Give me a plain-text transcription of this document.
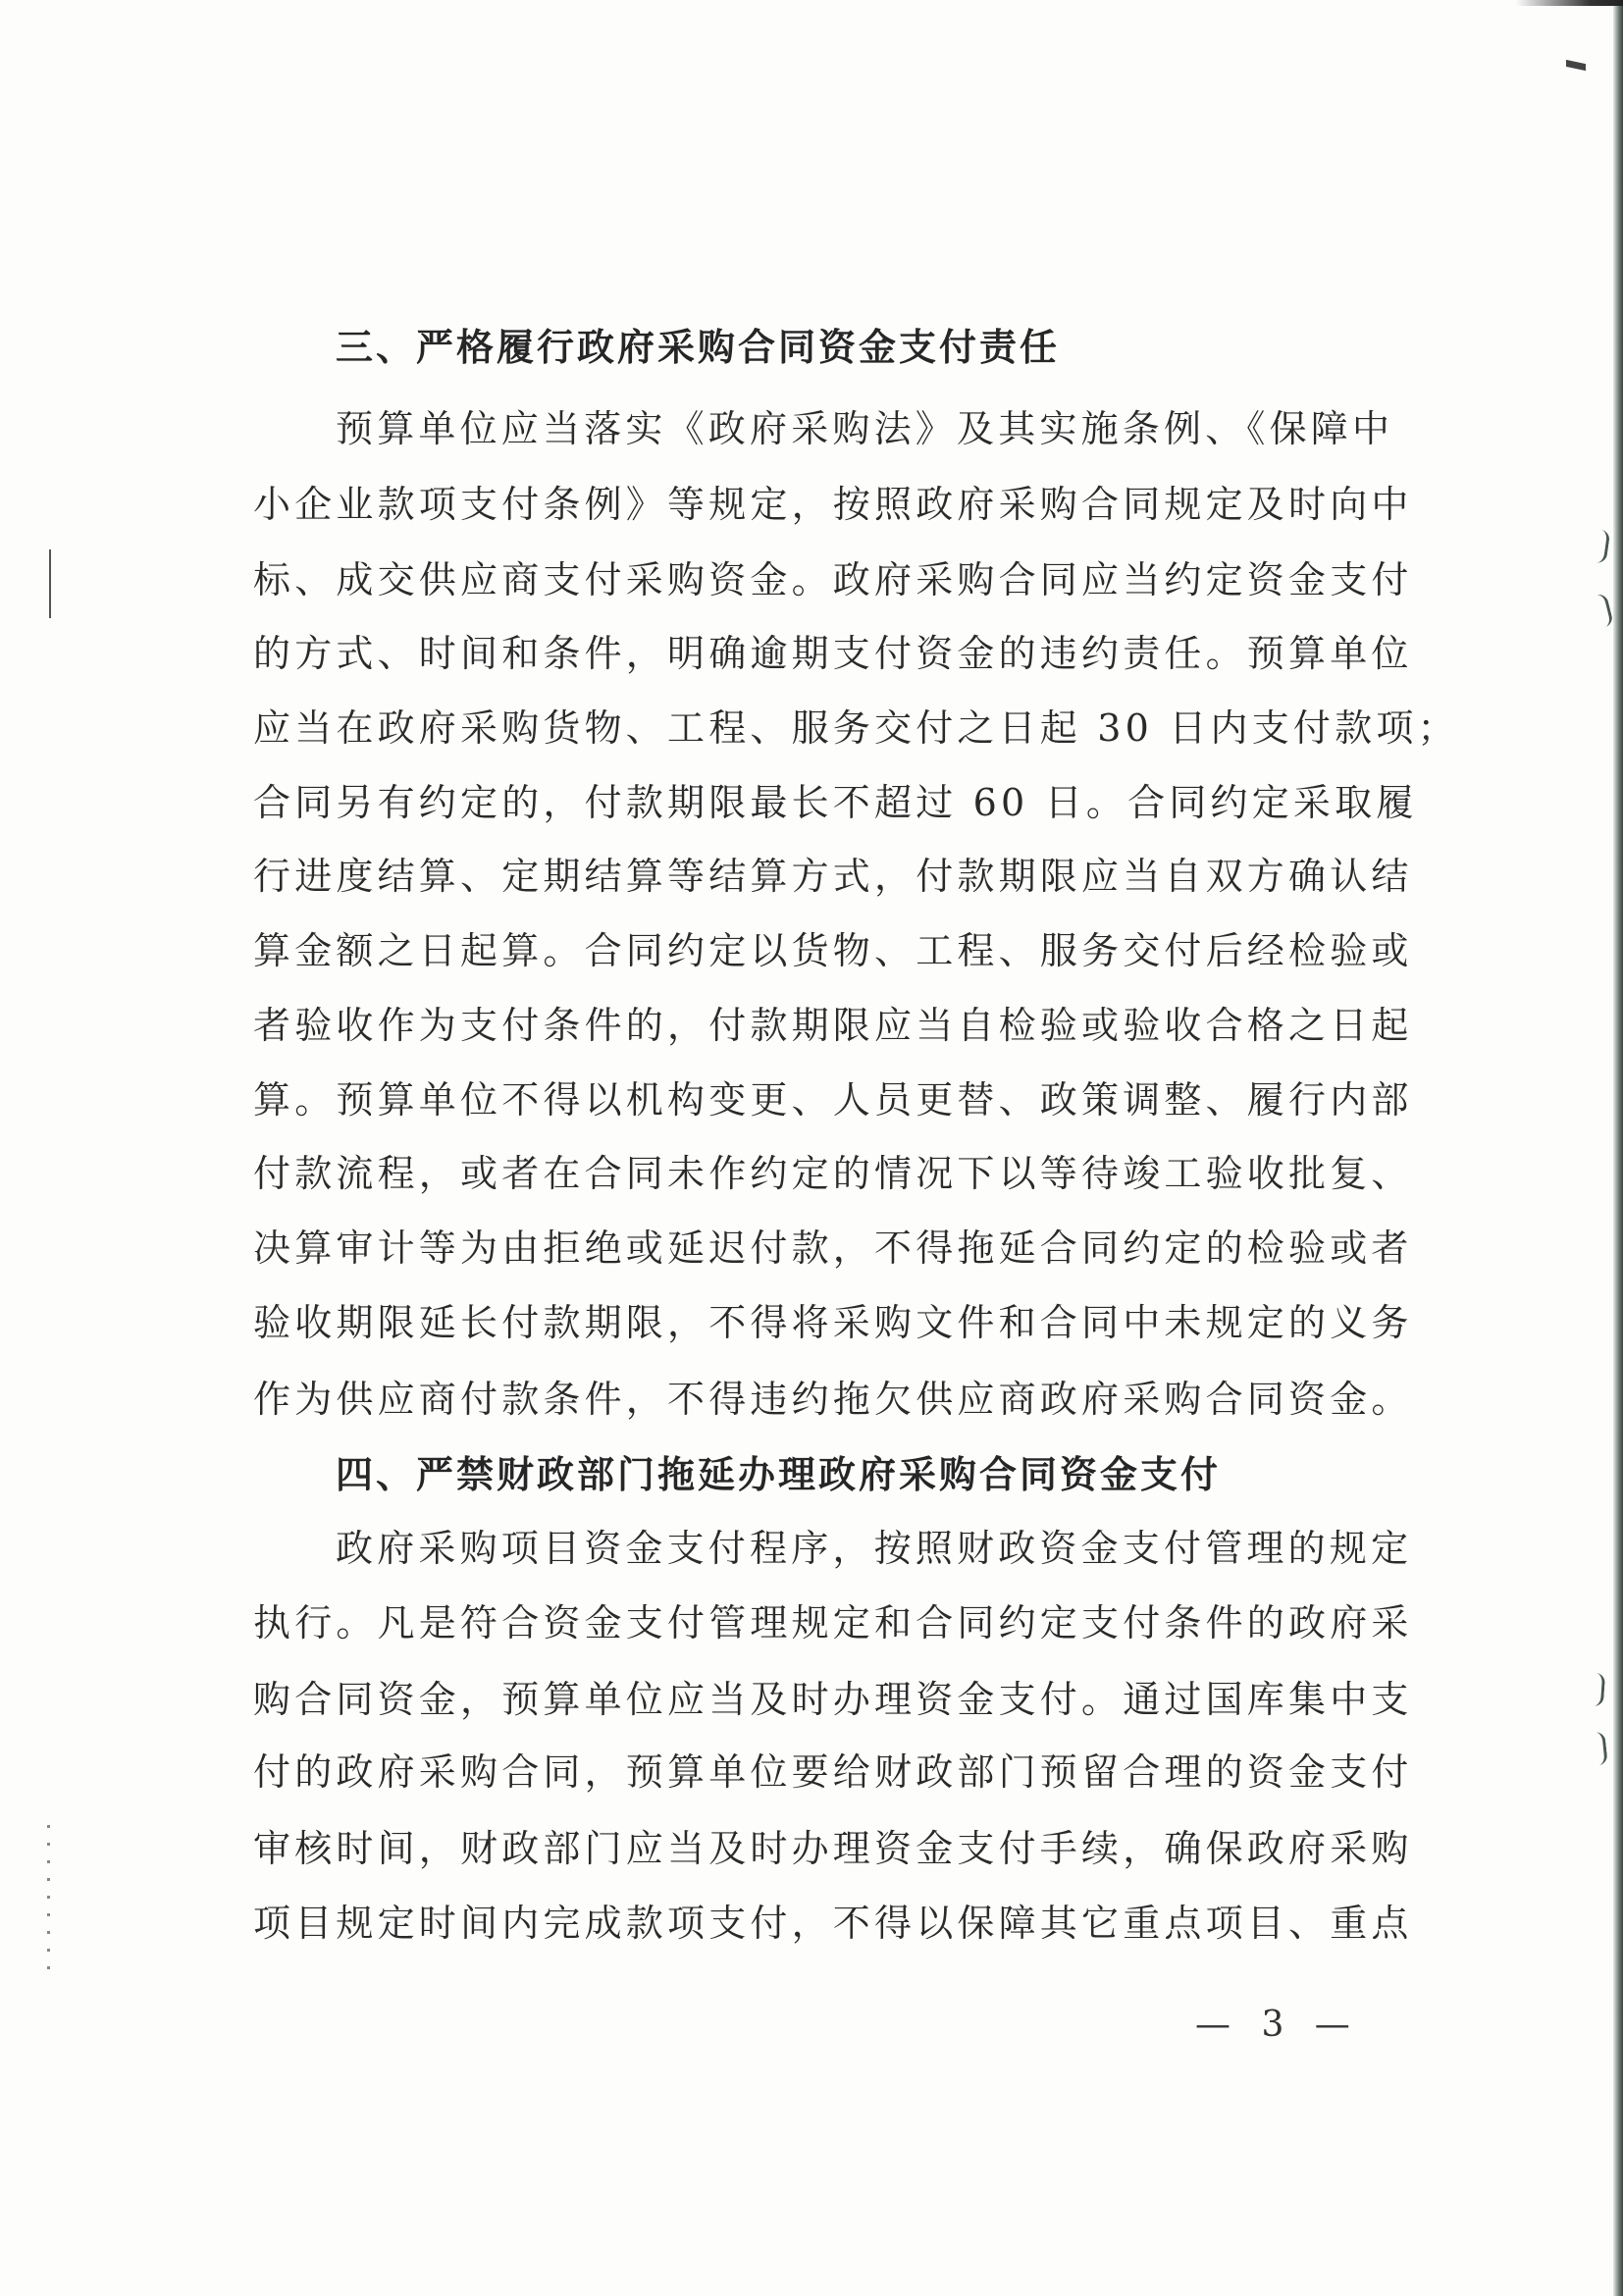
三、严格履行政府采购合同资金支付责任
预算单位应当落实《政府采购法》及其实施条例、《保障中
小企业款项支付条例》等规定，按照政府采购合同规定及时向中
标、成交供应商支付采购资金。政府采购合同应当约定资金支付
的方式、时间和条件，明确逾期支付资金的违约责任。预算单位
应当在政府采购货物、工程、服务交付之日起 30 日内支付款项；
合同另有约定的，付款期限最长不超过 60 日。合同约定采取履
行进度结算、定期结算等结算方式，付款期限应当自双方确认结
算金额之日起算。合同约定以货物、工程、服务交付后经检验或
者验收作为支付条件的，付款期限应当自检验或验收合格之日起
算。预算单位不得以机构变更、人员更替、政策调整、履行内部
付款流程，或者在合同未作约定的情况下以等待竣工验收批复、
决算审计等为由拒绝或延迟付款，不得拖延合同约定的检验或者
验收期限延长付款期限，不得将采购文件和合同中未规定的义务
作为供应商付款条件，不得违约拖欠供应商政府采购合同资金。
四、严禁财政部门拖延办理政府采购合同资金支付
政府采购项目资金支付程序，按照财政资金支付管理的规定
执行。凡是符合资金支付管理规定和合同约定支付条件的政府采
购合同资金，预算单位应当及时办理资金支付。通过国库集中支
付的政府采购合同，预算单位要给财政部门预留合理的资金支付
审核时间，财政部门应当及时办理资金支付手续，确保政府采购
项目规定时间内完成款项支付，不得以保障其它重点项目、重点
— 3 —
